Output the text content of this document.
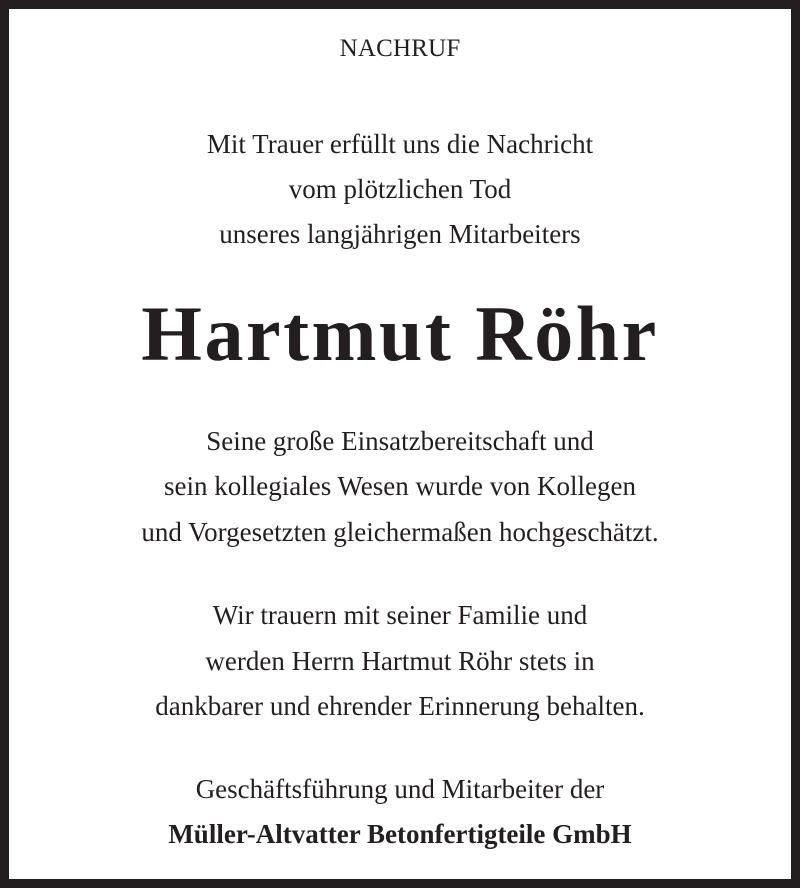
NACHRUF
Mit Trauer erfüllt uns die Nachricht
vom plötzlichen Tod
unseres langjährigen Mitarbeiters
Hartmut Röhr
Seine große Einsatzbereitschaft und
sein kollegiales Wesen wurde von Kollegen
und Vorgesetzten gleichermaßen hochgeschätzt.
Wir trauern mit seiner Familie und
werden Herrn Hartmut Röhr stets in
dankbarer und ehrender Erinnerung behalten.
Geschäftsführung und Mitarbeiter der
Müller-Altvatter Betonfertigteile GmbH
